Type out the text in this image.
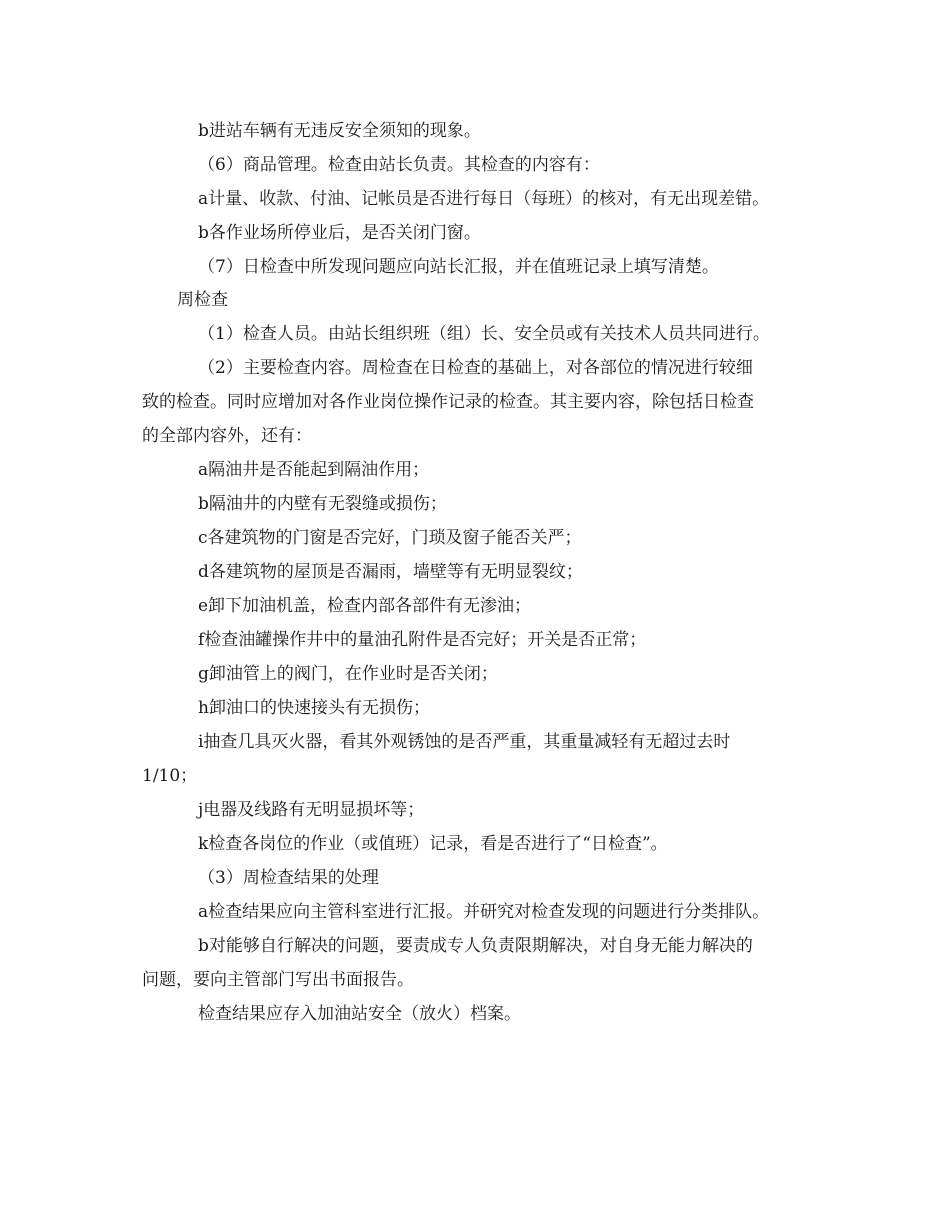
b进站车辆有无违反安全须知的现象。
（6）商品管理。检查由站长负责。其检查的内容有：
a计量、收款、付油、记帐员是否进行每日（每班）的核对，有无出现差错。
b各作业场所停业后，是否关闭门窗。
（7）日检查中所发现问题应向站长汇报，并在值班记录上填写清楚。
周检查
（1）检查人员。由站长组织班（组）长、安全员或有关技术人员共同进行。
（2）主要检查内容。周检查在日检查的基础上，对各部位的情况进行较细
致的检查。同时应增加对各作业岗位操作记录的检查。其主要内容，除包括日检查
的全部内容外，还有：
a隔油井是否能起到隔油作用；
b隔油井的内壁有无裂缝或损伤；
c各建筑物的门窗是否完好，门琐及窗子能否关严；
d各建筑物的屋顶是否漏雨，墙壁等有无明显裂纹；
e卸下加油机盖，检查内部各部件有无渗油；
f检查油罐操作井中的量油孔附件是否完好；开关是否正常；
g卸油管上的阀门，在作业时是否关闭；
h卸油口的快速接头有无损伤；
i抽查几具灭火器，看其外观锈蚀的是否严重，其重量减轻有无超过去时
1/10；
j电器及线路有无明显损坏等；
k检查各岗位的作业（或值班）记录，看是否进行了“日检查”。
（3）周检查结果的处理
a检查结果应向主管科室进行汇报。并研究对检查发现的问题进行分类排队。
b对能够自行解决的问题，要责成专人负责限期解决，对自身无能力解决的
问题，要向主管部门写出书面报告。
检查结果应存入加油站安全（放火）档案。
